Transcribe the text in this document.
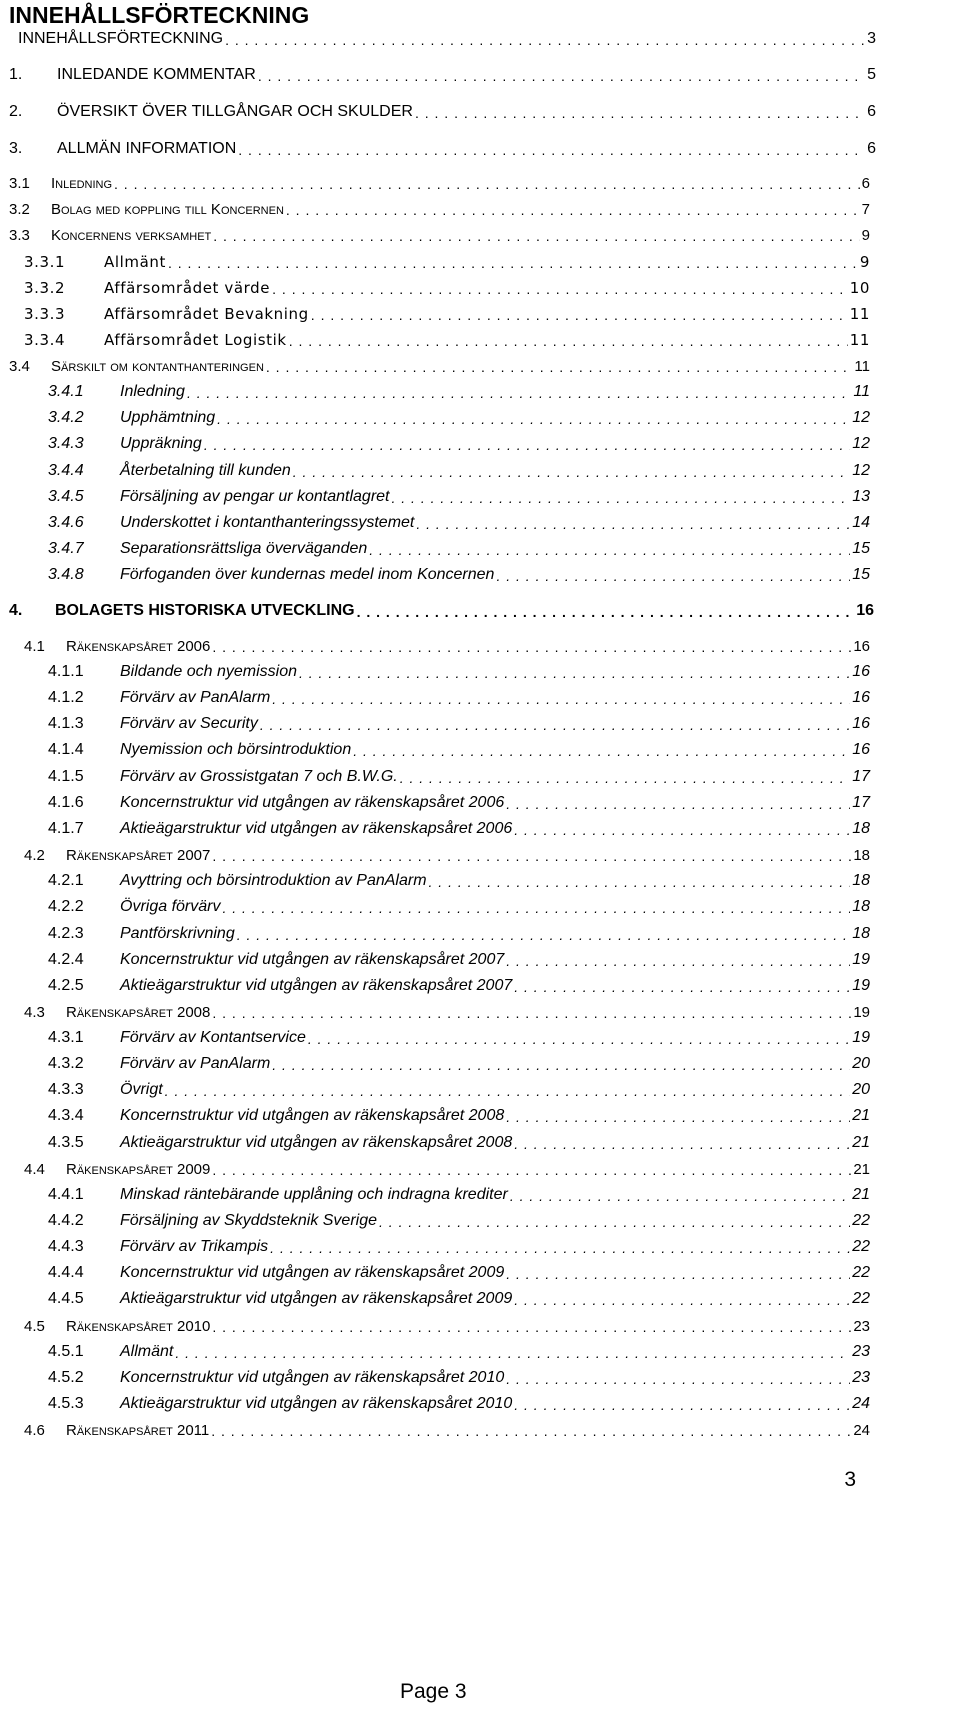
INNEHÅLLSFÖRTECKNING
INNEHÅLLSFÖRTECKNING . . .	3
1.	INLEDANDE KOMMENTAR . . .	5
2.	ÖVERSIKT ÖVER TILLGÅNGAR OCH SKULDER . . .	6
3.	ALLMÄN INFORMATION . . .	6
3.1	Inledning . . .	6
3.2	Bolag med koppling till Koncernen . . .	7
3.3	Koncernens verksamhet . . .	9
3.3.1	Allmänt . . .	9
3.3.2	Affärsområdet värde . . .	10
3.3.3	Affärsområdet Bevakning . . .	11
3.3.4	Affärsområdet Logistik . . .	11
3.4	Särskilt om kontanthanteringen . . .	11
3.4.1	Inledning . . .	11
3.4.2	Upphämtning . . .	12
3.4.3	Uppräkning . . .	12
3.4.4	Återbetalning till kunden . . .	12
3.4.5	Försäljning av pengar ur kontantlagret . . .	13
3.4.6	Underskottet i kontanthanteringssystemet . . .	14
3.4.7	Separationsrättsliga överväganden . . .	15
3.4.8	Förfoganden över kundernas medel inom Koncernen . . .	15
4.	BOLAGETS HISTORISKA UTVECKLING . . .	16
4.1	Räkenskapsåret 2006 . . .	16
4.1.1	Bildande och nyemission . . .	16
4.1.2	Förvärv av PanAlarm . . .	16
4.1.3	Förvärv av Security . . .	16
4.1.4	Nyemission och börsintroduktion . . .	16
4.1.5	Förvärv av Grossistgatan 7 och B.W.G. . . .	17
4.1.6	Koncernstruktur vid utgången av räkenskapsåret 2006 . . .	17
4.1.7	Aktieägarstruktur vid utgången av räkenskapsåret 2006 . . .	18
4.2	Räkenskapsåret 2007 . . .	18
4.2.1	Avyttring och börsintroduktion av PanAlarm . . .	18
4.2.2	Övriga förvärv . . .	18
4.2.3	Pantförskrivning . . .	18
4.2.4	Koncernstruktur vid utgången av räkenskapsåret 2007 . . .	19
4.2.5	Aktieägarstruktur vid utgången av räkenskapsåret 2007 . . .	19
4.3	Räkenskapsåret 2008 . . .	19
4.3.1	Förvärv av Kontantservice . . .	19
4.3.2	Förvärv av PanAlarm . . .	20
4.3.3	Övrigt . . .	20
4.3.4	Koncernstruktur vid utgången av räkenskapsåret 2008 . . .	21
4.3.5	Aktieägarstruktur vid utgången av räkenskapsåret 2008 . . .	21
4.4	Räkenskapsåret 2009 . . .	21
4.4.1	Minskad räntebärande upplåning och indragna krediter . . .	21
4.4.2	Försäljning av Skyddsteknik Sverige . . .	22
4.4.3	Förvärv av Trikampis . . .	22
4.4.4	Koncernstruktur vid utgången av räkenskapsåret 2009 . . .	22
4.4.5	Aktieägarstruktur vid utgången av räkenskapsåret 2009 . . .	22
4.5	Räkenskapsåret 2010 . . .	23
4.5.1	Allmänt . . .	23
4.5.2	Koncernstruktur vid utgången av räkenskapsåret 2010 . . .	23
4.5.3	Aktieägarstruktur vid utgången av räkenskapsåret 2010 . . .	24
4.6	Räkenskapsåret 2011 . . .	24
3
Page 3
